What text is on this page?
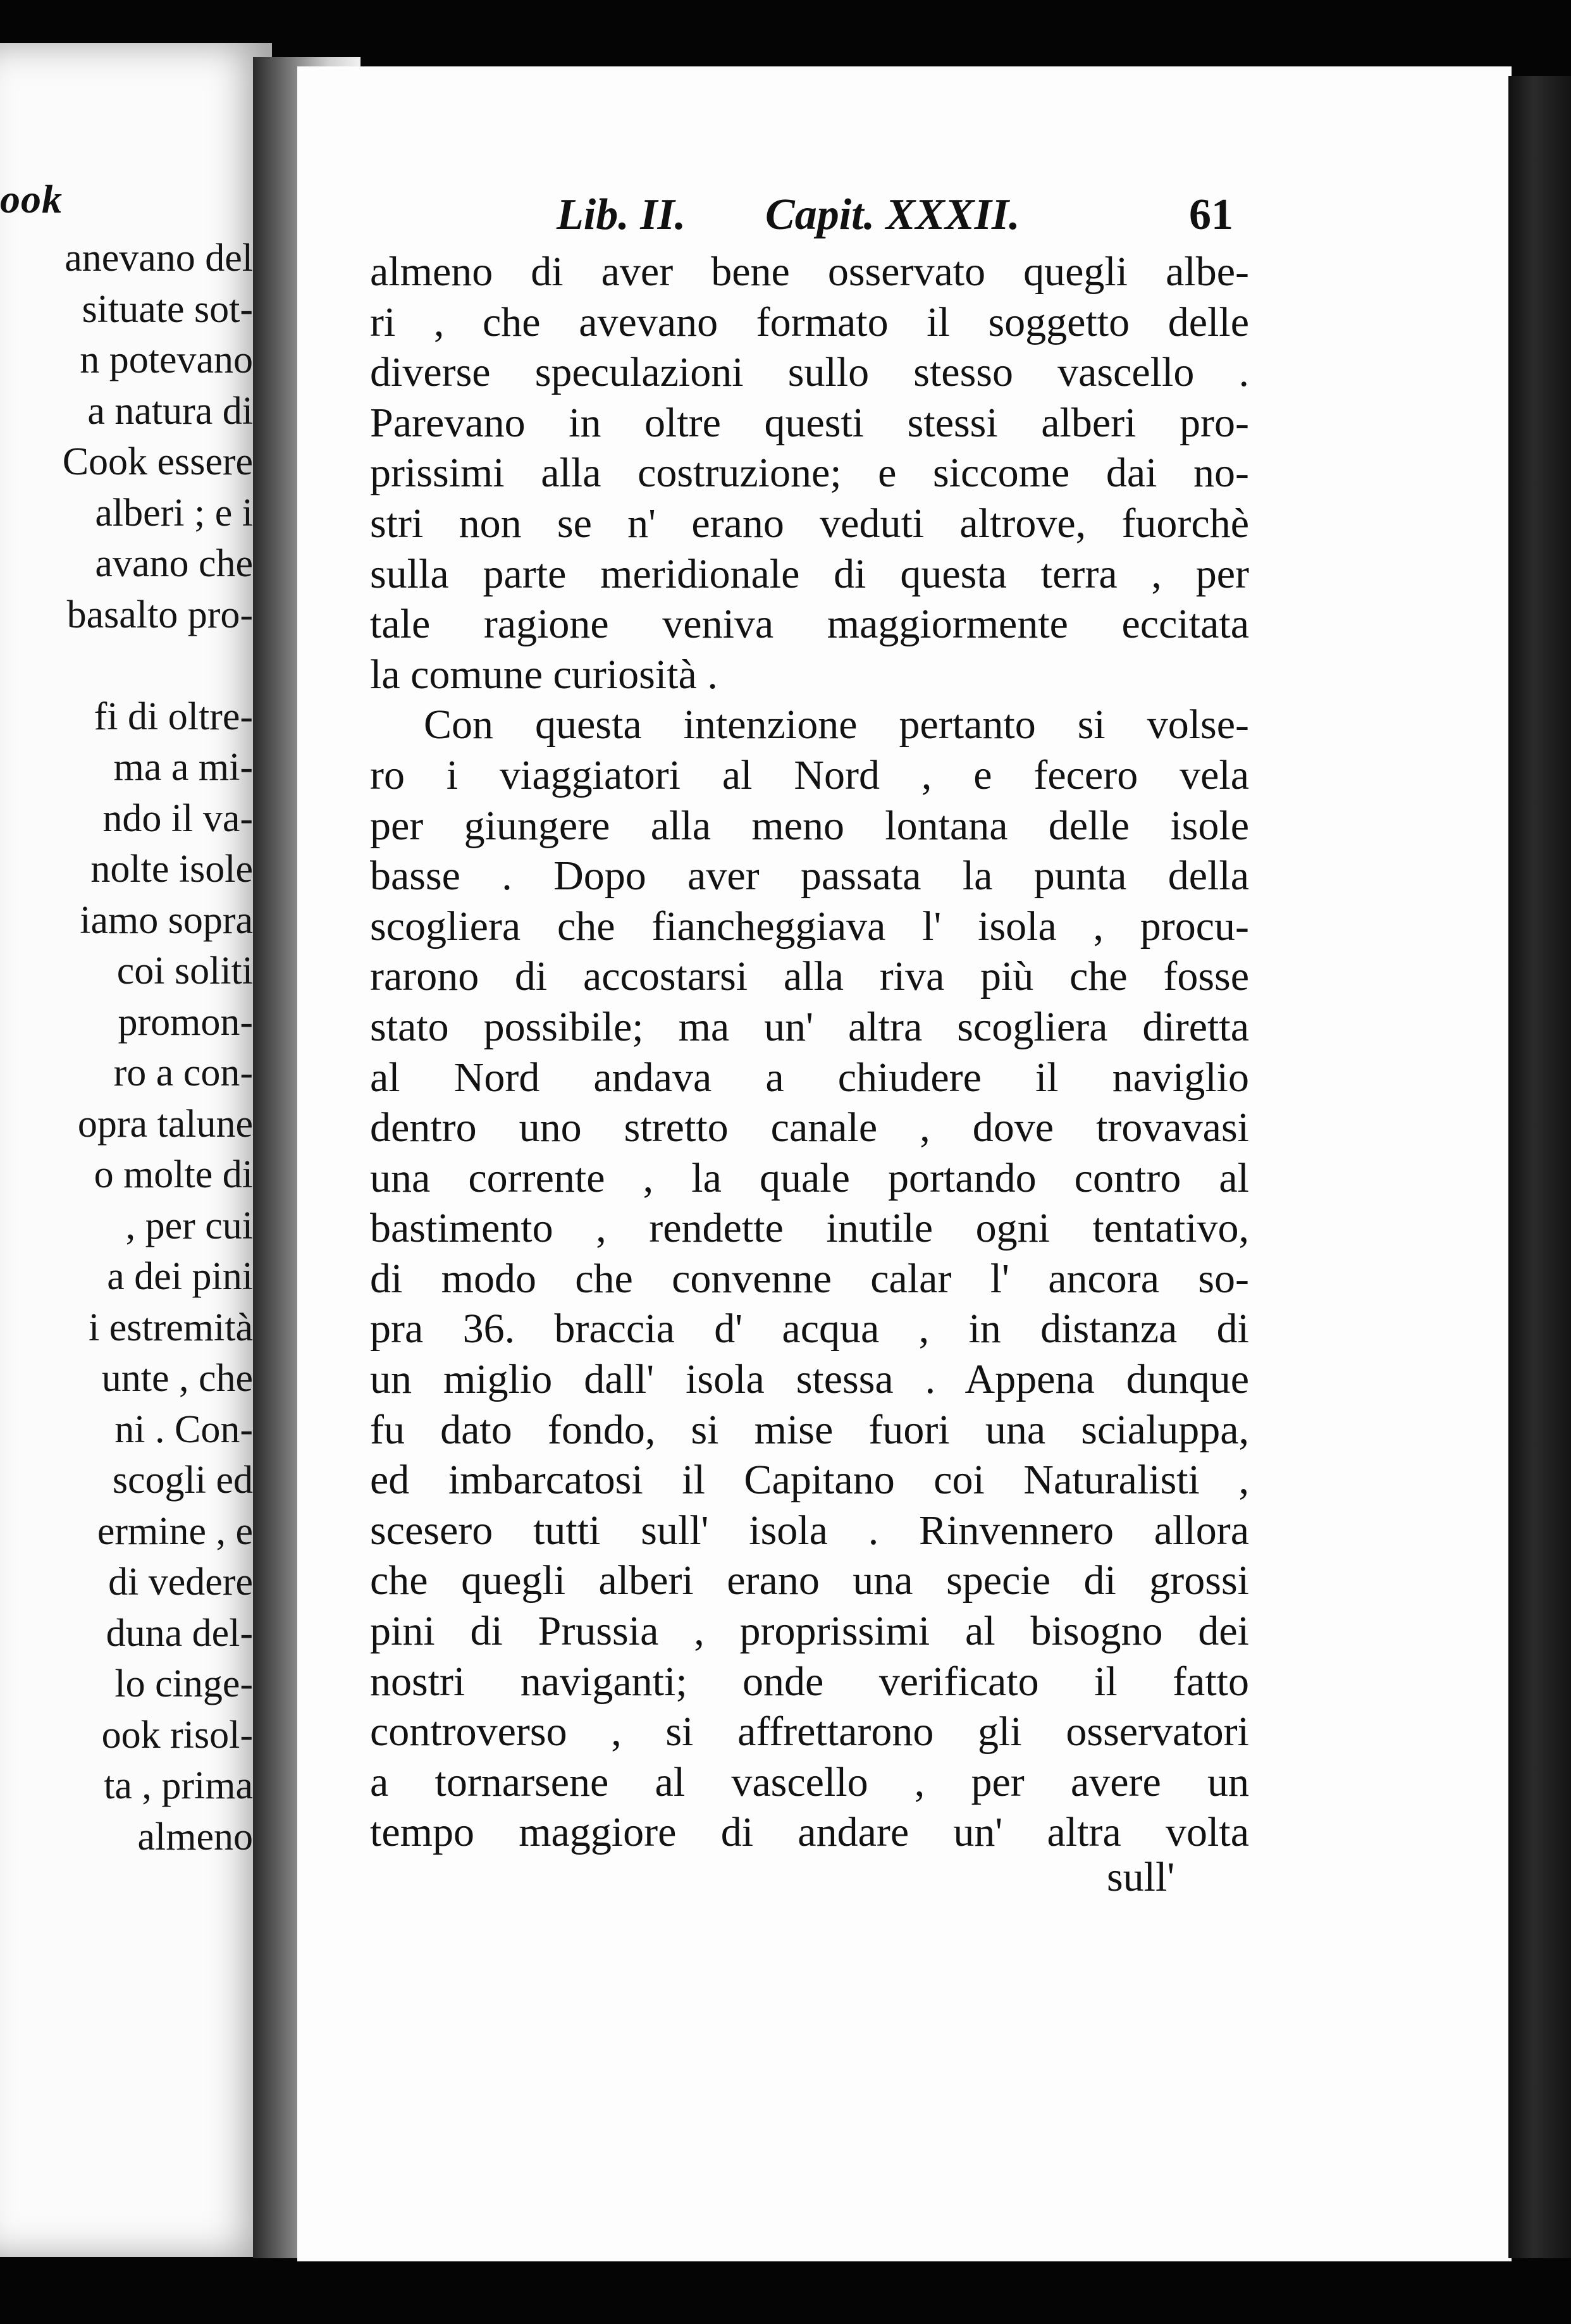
ook
anevano del
situate sot-
n potevano
a natura di
Cook essere
alberi ; e i
avano che
basalto pro-
fi di oltre-
ma a mi-
ndo il va-
nolte isole
iamo sopra
coi soliti
promon-
ro a con-
opra talune
o molte di
, per cui
a dei pini
i estremità
unte , che
ni . Con-
scogli ed
ermine , e
di vedere
duna del-
lo cinge-
ook risol-
ta , prima
almeno
Lib. II. Capit. XXXII.	61
almeno di aver bene osservato quegli albe-
ri , che avevano formato il soggetto delle
diverse speculazioni sullo stesso vascello .
Parevano in oltre questi stessi alberi pro-
prissimi alla costruzione; e siccome dai no-
stri non se n' erano veduti altrove, fuorchè
sulla parte meridionale di questa terra , per
tale ragione veniva maggiormente eccitata
la comune curiosità .
Con questa intenzione pertanto si volse-
ro i viaggiatori al Nord , e fecero vela
per giungere alla meno lontana delle isole
basse . Dopo aver passata la punta della
scogliera che fiancheggiava l' isola , procu-
rarono di accostarsi alla riva più che fosse
stato possibile; ma un' altra scogliera diretta
al Nord andava a chiudere il naviglio
dentro uno stretto canale , dove trovavasi
una corrente , la quale portando contro al
bastimento , rendette inutile ogni tentativo,
di modo che convenne calar l' ancora so-
pra 36. braccia d' acqua , in distanza di
un miglio dall' isola stessa . Appena dunque
fu dato fondo, si mise fuori una scialuppa,
ed imbarcatosi il Capitano coi Naturalisti ,
scesero tutti sull' isola . Rinvennero allora
che quegli alberi erano una specie di grossi
pini di Prussia , proprissimi al bisogno dei
nostri naviganti; onde verificato il fatto
controverso , si affrettarono gli osservatori
a tornarsene al vascello , per avere un
tempo maggiore di andare un' altra volta
sull'
